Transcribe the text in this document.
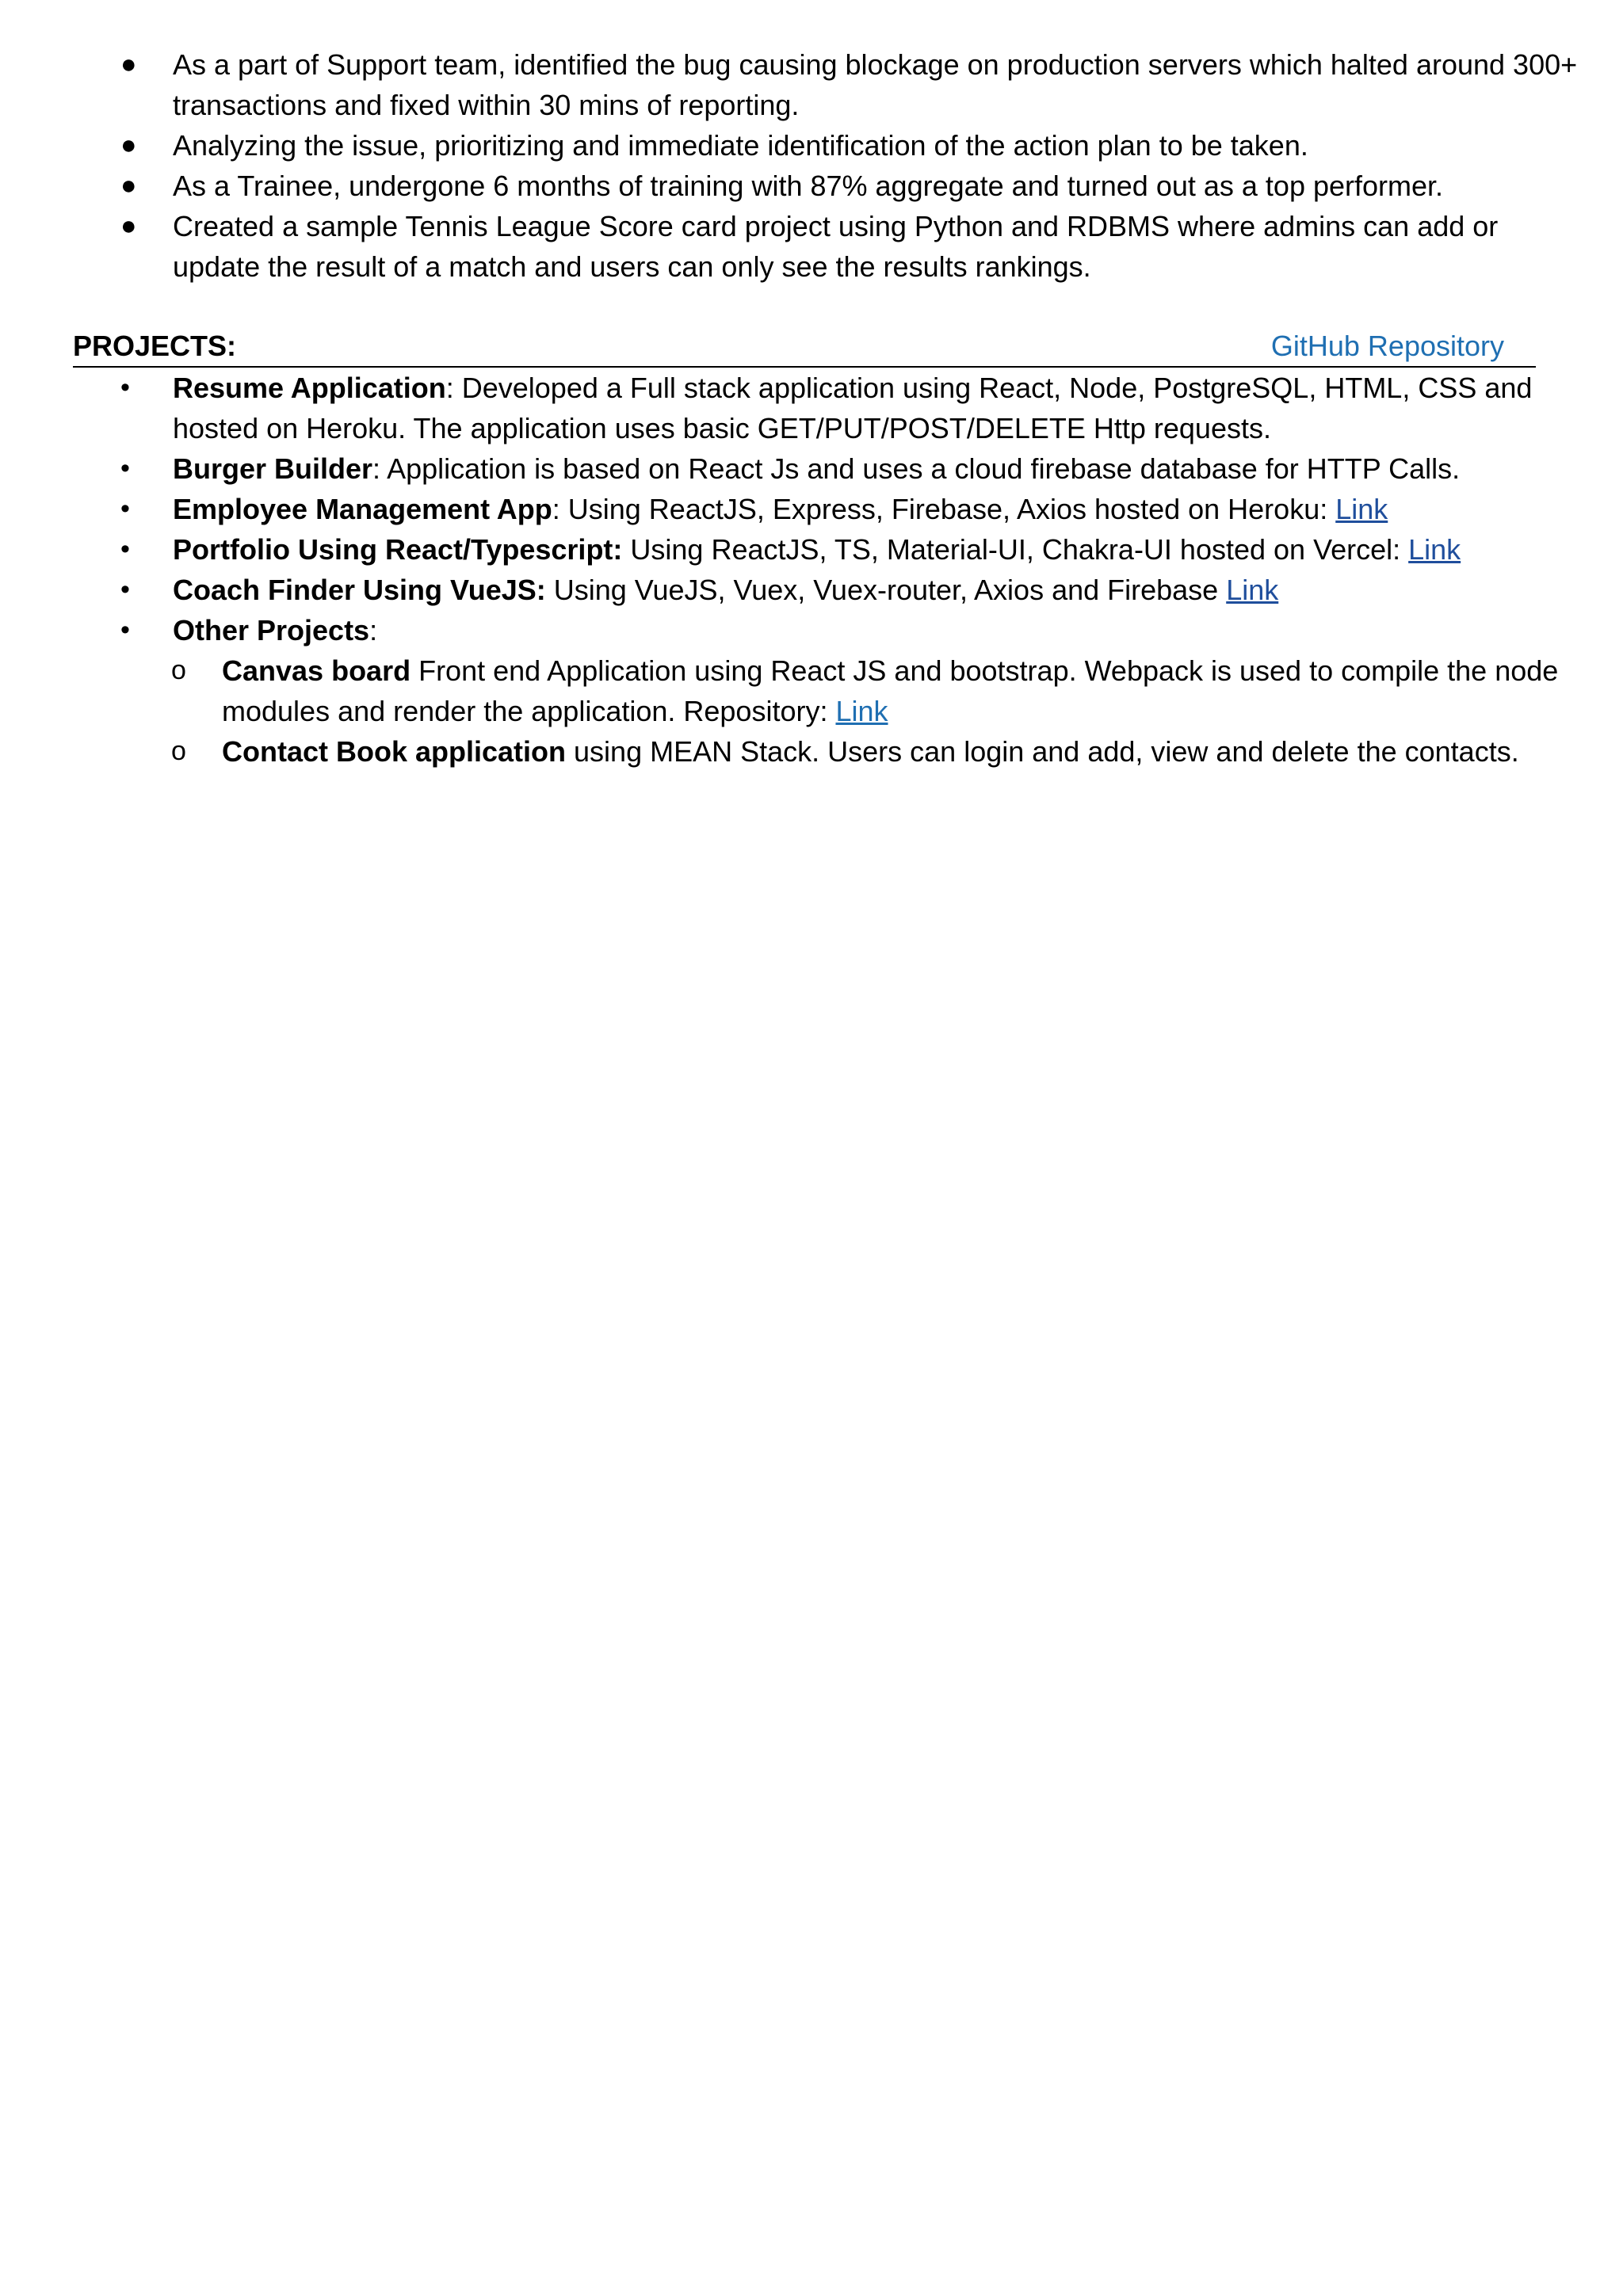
●	As a part of Support team, identified the bug causing blockage on production servers which halted around 300+ transactions and fixed within 30 mins of reporting.
●	Analyzing the issue, prioritizing and immediate identification of the action plan to be taken.
●	As a Trainee, undergone 6 months of training with 87% aggregate and turned out as a top performer.
●	Created a sample Tennis League Score card project using Python and RDBMS where admins can add or update the result of a match and users can only see the results rankings.
PROJECTS:	GitHub Repository
•	Resume Application: Developed a Full stack application using React, Node, PostgreSQL, HTML, CSS and hosted on Heroku. The application uses basic GET/PUT/POST/DELETE Http requests.
•	Burger Builder: Application is based on React Js and uses a cloud firebase database for HTTP Calls.
•	Employee Management App: Using ReactJS, Express, Firebase, Axios hosted on Heroku: Link
•	Portfolio Using React/Typescript: Using ReactJS, TS, Material-UI, Chakra-UI hosted on Vercel: Link
•	Coach Finder Using VueJS: Using VueJS, Vuex, Vuex-router, Axios and Firebase Link
•	Other Projects:
o Canvas board Front end Application using React JS and bootstrap. Webpack is used to compile the node modules and render the application. Repository: Link
o Contact Book application using MEAN Stack. Users can login and add, view and delete the contacts.
